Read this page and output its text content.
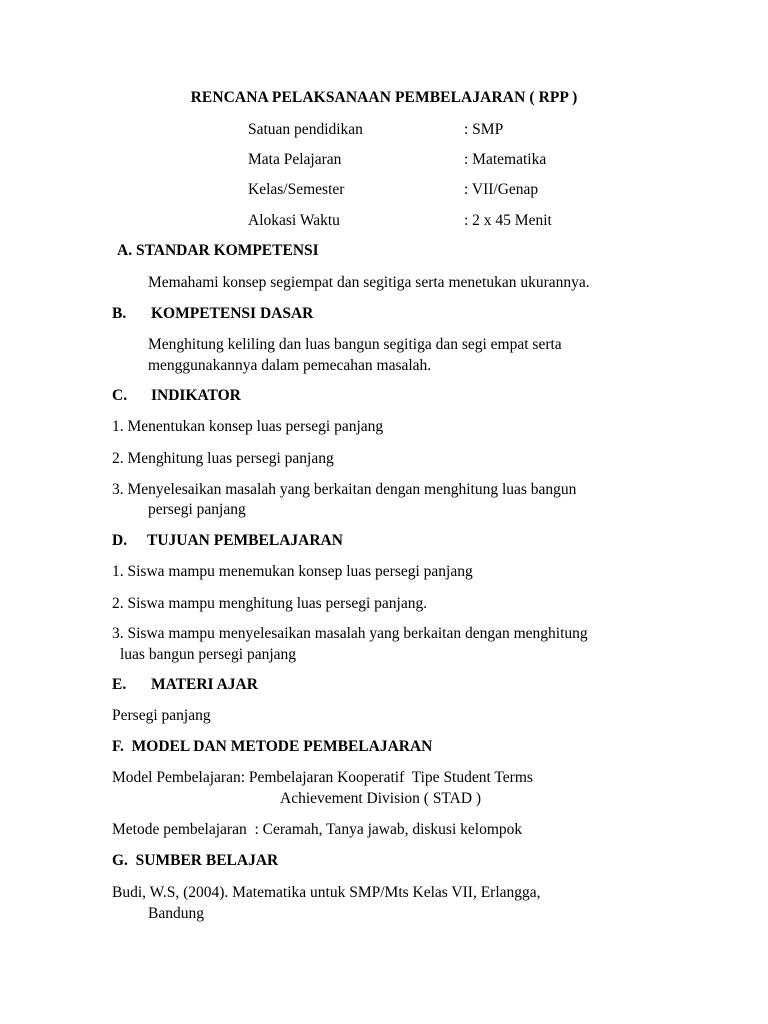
RENCANA PELAKSANAAN PEMBELAJARAN ( RPP )
Satuan pendidikan	: SMP
Mata Pelajaran	: Matematika
Kelas/Semester	: VII/Genap
Alokasi Waktu	: 2 x 45 Menit
A. STANDAR KOMPETENSI
Memahami konsep segiempat dan segitiga serta menetukan ukurannya.
B. KOMPETENSI DASAR
Menghitung keliling dan luas bangun segitiga dan segi empat serta
menggunakannya dalam pemecahan masalah.
C. INDIKATOR
1. Menentukan konsep luas persegi panjang
2. Menghitung luas persegi panjang
3. Menyelesaikan masalah yang berkaitan dengan menghitung luas bangun
persegi panjang
D. TUJUAN PEMBELAJARAN
1. Siswa mampu menemukan konsep luas persegi panjang
2. Siswa mampu menghitung luas persegi panjang.
3. Siswa mampu menyelesaikan masalah yang berkaitan dengan menghitung
luas bangun persegi panjang
E. MATERI AJAR
Persegi panjang
F.  MODEL DAN METODE PEMBELAJARAN
Model Pembelajaran: Pembelajaran Kooperatif  Tipe Student Terms
Achievement Division ( STAD )
Metode pembelajaran  : Ceramah, Tanya jawab, diskusi kelompok
G.  SUMBER BELAJAR
Budi, W.S, (2004). Matematika untuk SMP/Mts Kelas VII, Erlangga,
Bandung
